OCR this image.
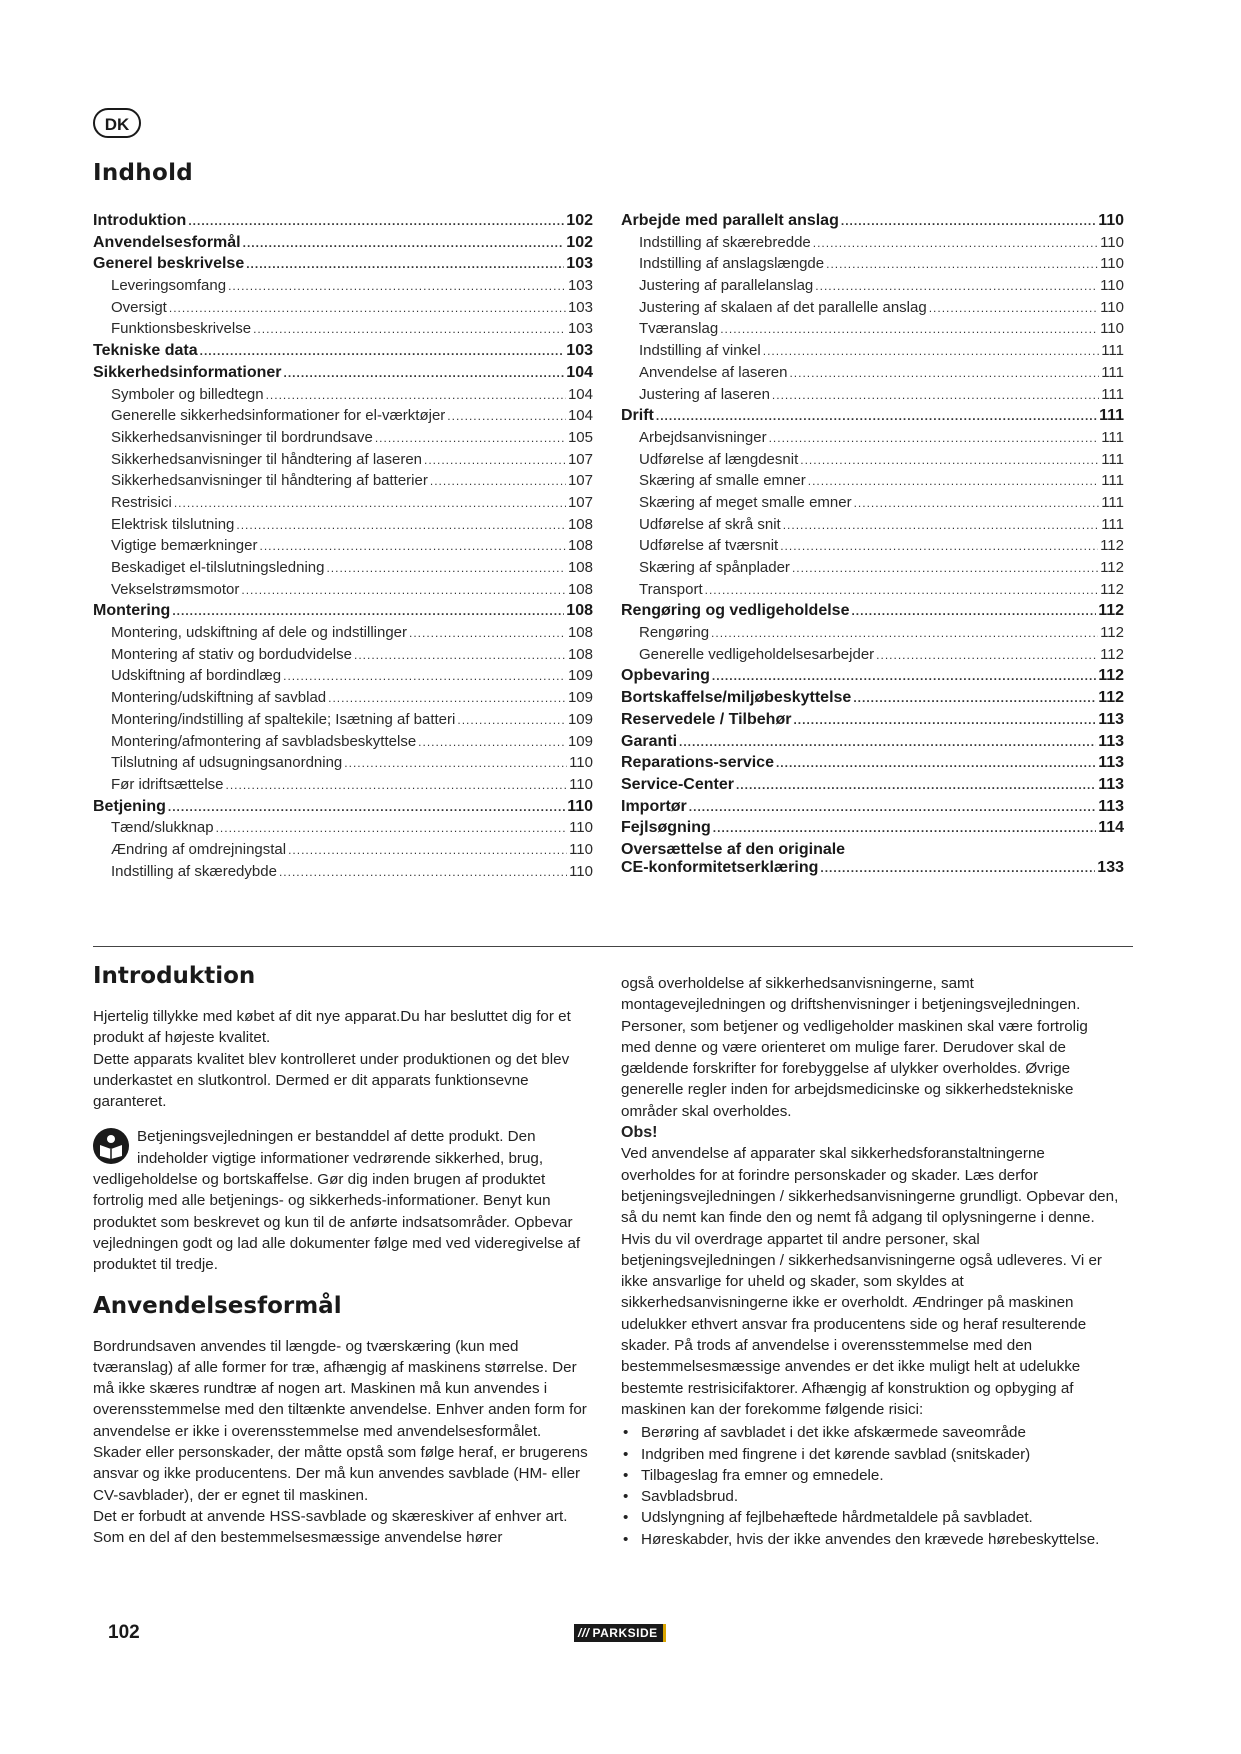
DK
Indhold
Introduktion .....	102
Anvendelsesformål .....	102
Generel beskrivelse .....	103
Leveringsomfang .....	103
Oversigt .....	103
Funktionsbeskrivelse .....	103
Tekniske data .....	103
Sikkerhedsinformationer .....	104
Symboler og billedtegn .....	104
Generelle sikkerhedsinformationer for el-værktøjer .....	104
Sikkerhedsanvisninger til bordrundsave .....	105
Sikkerhedsanvisninger til håndtering af laseren .....	107
Sikkerhedsanvisninger til håndtering af batterier .....	107
Restrisici .....	107
Elektrisk tilslutning .....	108
Vigtige bemærkninger .....	108
Beskadiget el-tilslutningsledning .....	108
Vekselstrømsmotor .....	108
Montering .....	108
Montering, udskiftning af dele og indstillinger .....	108
Montering af stativ og bordudvidelse .....	108
Udskiftning af bordindlæg .....	109
Montering/udskiftning af savblad .....	109
Montering/indstilling af spaltekile; Isætning af batteri .....	109
Montering/afmontering af savbladsbeskyttelse .....	109
Tilslutning af udsugningsanordning .....	110
Før idriftsættelse .....	110
Betjening .....	110
Tænd/slukknap .....	110
Ændring af omdrejningstal .....	110
Indstilling af skæredybde .....	110
Arbejde med parallelt anslag .....	110
Indstilling af skærebredde .....	110
Indstilling af anslagslængde .....	110
Justering af parallelanslag .....	110
Justering af skalaen af det parallelle anslag .....	110
Tværanslag .....	110
Indstilling af vinkel .....	111
Anvendelse af laseren .....	111
Justering af laseren .....	111
Drift .....	111
Arbejdsanvisninger .....	111
Udførelse af længdesnit .....	111
Skæring af smalle emner .....	111
Skæring af meget smalle emner .....	111
Udførelse af skrå snit .....	111
Udførelse af tværsnit .....	112
Skæring af spånplader .....	112
Transport .....	112
Rengøring og vedligeholdelse .....	112
Rengøring .....	112
Generelle vedligeholdelsesarbejder .....	112
Opbevaring .....	112
Bortskaffelse/miljøbeskyttelse .....	112
Reservedele / Tilbehør .....	113
Garanti .....	113
Reparations-service .....	113
Service-Center .....	113
Importør .....	113
Fejlsøgning .....	114
Oversættelse af den originale
CE-konformitetserklæring .....	133
Introduktion

Hjertelig tillykke med købet af dit nye apparat.Du har besluttet dig for et produkt af højeste kvalitet.

Dette apparats kvalitet blev kontrolleret under produktionen og det blev underkastet en slutkontrol. Dermed er dit apparats funktionsevne garanteret.

Betjeningsvejledningen er bestanddel af dette produkt. Den indeholder vigtige informationer vedrørende sikkerhed, brug, vedligeholdelse og bortskaffelse. Gør dig inden brugen af produktet fortrolig med alle betjenings- og sikkerheds-informationer. Benyt kun produktet som beskrevet og kun til de anførte indsatsområder. Opbevar vejledningen godt og lad alle dokumenter følge med ved videregivelse af produktet til tredje.

Anvendelsesformål

Bordrundsaven anvendes til længde- og tværskæring (kun med tværanslag) af alle former for træ, afhængig af maskinens størrelse. Der må ikke skæres rundtræ af nogen art. Maskinen må kun anvendes i overensstemmelse med den tiltænkte anvendelse. Enhver anden form for anvendelse er ikke i overensstemmelse med anvendelsesformålet. Skader eller personskader, der måtte opstå som følge heraf, er brugerens ansvar og ikke producentens. Der må kun anvendes savblade (HM- eller CV-savblader), der er egnet til maskinen.

Det er forbudt at anvende HSS-savblade og skæreskiver af enhver art. Som en del af den bestemmelsesmæssige anvendelse hører

også overholdelse af sikkerhedsanvisningerne, samt montagevejledningen og driftshenvisninger i betjeningsvejledningen. Personer, som betjener og vedligeholder maskinen skal være fortrolig med denne og være orienteret om mulige farer. Derudover skal de gældende forskrifter for forebyggelse af ulykker overholdes. Øvrige generelle regler inden for arbejdsmedicinske og sikkerhedstekniske områder skal overholdes.

Obs!

Ved anvendelse af apparater skal sikkerhedsforanstaltningerne overholdes for at forindre personskader og skader. Læs derfor betjeningsvejledningen / sikkerhedsanvisningerne grundligt. Opbevar den, så du nemt kan finde den og nemt få adgang til oplysningerne i denne. Hvis du vil overdrage appartet til andre personer, skal betjeningsvejledningen / sikkerhedsanvisningerne også udleveres. Vi er ikke ansvarlige for uheld og skader, som skyldes at sikkerhedsanvisningerne ikke er overholdt. Ændringer på maskinen udelukker ethvert ansvar fra producentens side og heraf resulterende skader. På trods af anvendelse i overensstemmelse med den bestemmelsesmæssige anvendes er det ikke muligt helt at udelukke bestemte restrisicifaktorer. Afhængig af konstruktion og opbyging af maskinen kan der forekomme følgende risici:

• Berøring af savbladet i det ikke afskærmede saveområde
• Indgriben med fingrene i det kørende savblad (snitskader)
• Tilbageslag fra emner og emnedele.
• Savbladsbrud.
• Udslyngning af fejlbehæftede hårdmetaldele på savbladet.
• Høreskabder, hvis der ikke anvendes den krævede hørebeskyttelse.
102	/// PARKSIDE
